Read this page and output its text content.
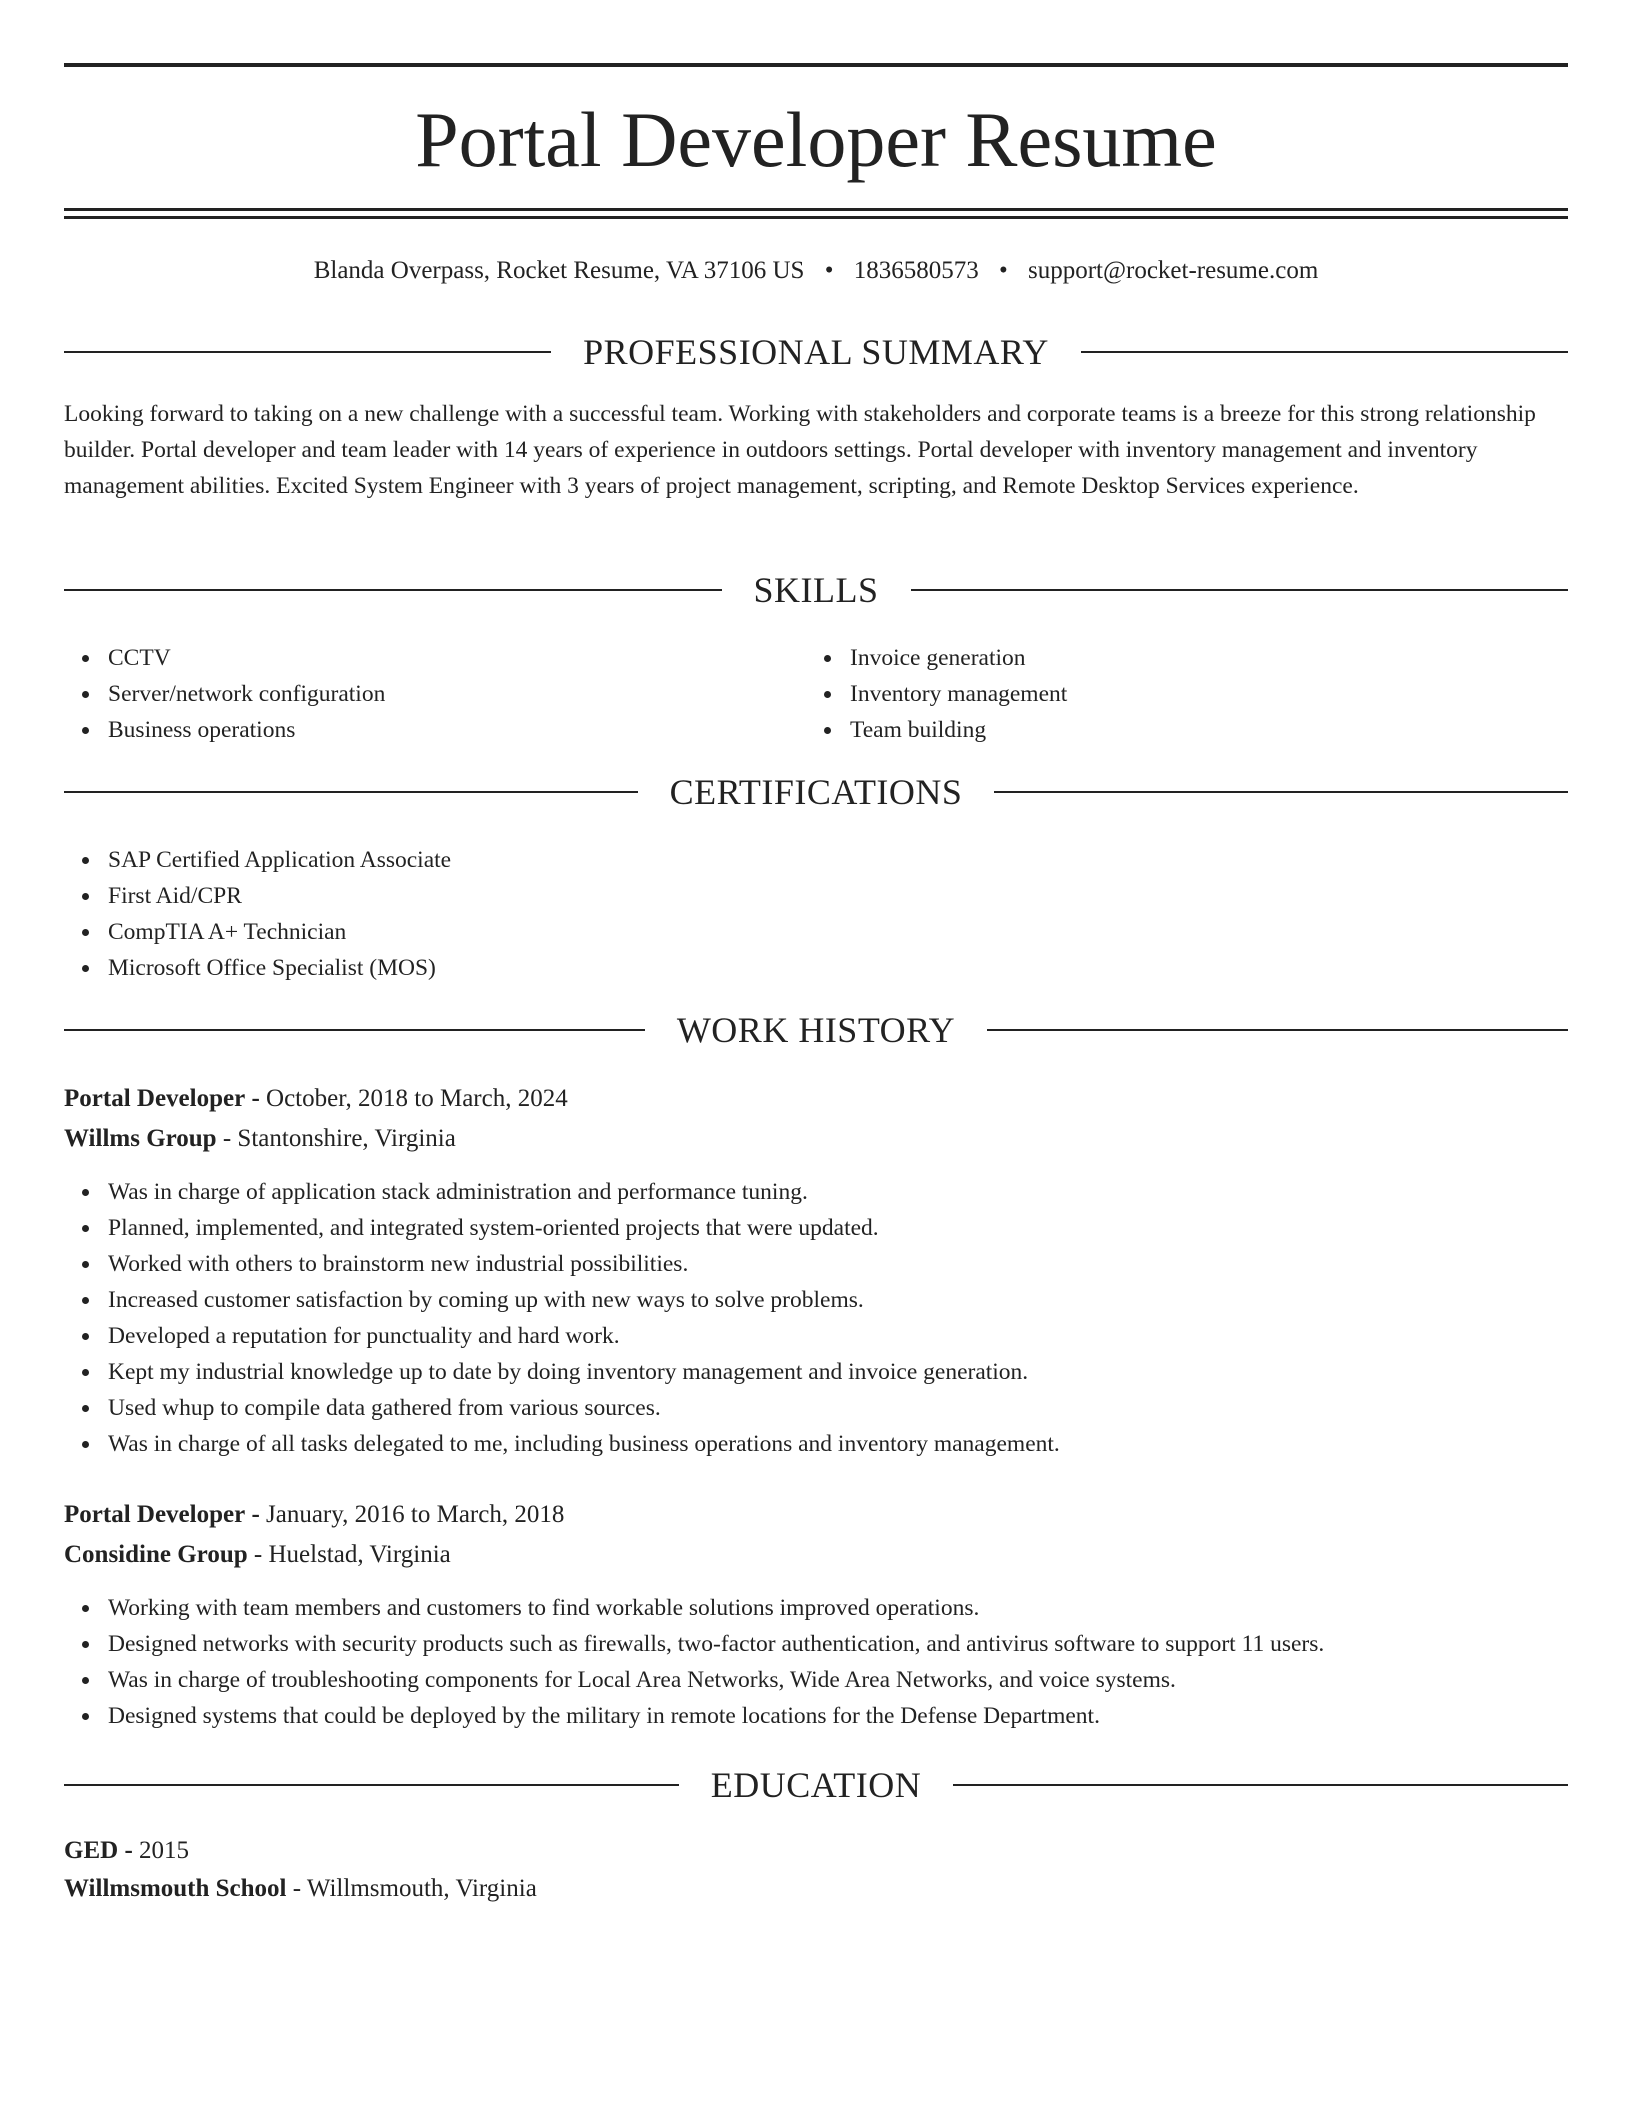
Portal Developer Resume
Blanda Overpass, Rocket Resume, VA 37106 US • 1836580573 • support@rocket-resume.com
PROFESSIONAL SUMMARY

Looking forward to taking on a new challenge with a successful team. Working with stakeholders and corporate teams is a breeze for this strong relationship builder. Portal developer and team leader with 14 years of experience in outdoors settings. Portal developer with inventory management and inventory management abilities. Excited System Engineer with 3 years of project management, scripting, and Remote Desktop Services experience.

SKILLS
CCTV
Server/network configuration
Business operations
Invoice generation
Inventory management
Team building
CERTIFICATIONS
SAP Certified Application Associate
First Aid/CPR
CompTIA A+ Technician
Microsoft Office Specialist (MOS)
WORK HISTORY
Portal Developer - October, 2018 to March, 2024
Willms Group - Stantonshire, Virginia
Was in charge of application stack administration and performance tuning.
Planned, implemented, and integrated system-oriented projects that were updated.
Worked with others to brainstorm new industrial possibilities.
Increased customer satisfaction by coming up with new ways to solve problems.
Developed a reputation for punctuality and hard work.
Kept my industrial knowledge up to date by doing inventory management and invoice generation.
Used whup to compile data gathered from various sources.
Was in charge of all tasks delegated to me, including business operations and inventory management.
Portal Developer - January, 2016 to March, 2018
Considine Group - Huelstad, Virginia
Working with team members and customers to find workable solutions improved operations.
Designed networks with security products such as firewalls, two-factor authentication, and antivirus software to support 11 users.
Was in charge of troubleshooting components for Local Area Networks, Wide Area Networks, and voice systems.
Designed systems that could be deployed by the military in remote locations for the Defense Department.
EDUCATION
GED - 2015
Willmsmouth School - Willmsmouth, Virginia
